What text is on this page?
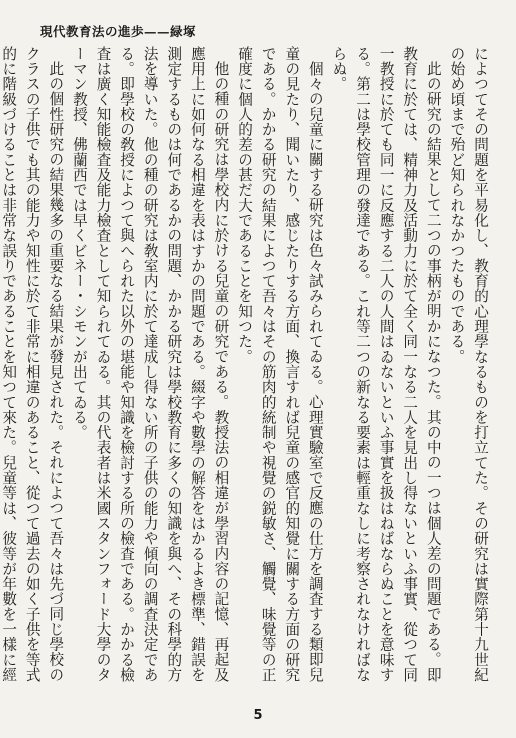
現代教育法の進歩——緑塚

によつてその問題を平易化し、教育的心理學なるものを打立てた。その研究は實際第十九世紀の始め頃まで殆ど知られなかつたものである。

此の研究の結果として二つの事柄が明かになつた。其の中の一つは個人差の問題である。即教育に於ては、精神力及活動力に於て全く同一なる二人を見出し得ないといふ事實、從つて同一教授に於ても同一に反應する二人の人間はゐないといふ事實を扱はねばならぬことを意味する。第二は學校管理の發達である。これ等二つの新なる要素は輕重なしに考察されなければならぬ。

個々の兒童に關する研究は色々試みられてゐる。心理實驗室で反應の仕方を調査する類即兒童の見たり、聞いたり、感じたりする方面、換言すれば兒童の感官的知覺に關する方面の研究である。かかる研究の結果によつて吾々はその筋肉的統制や視覺の鋭敏さ、觸覺、味覺等の正確度に個人的差の甚だ大であることを知つた。

他の種の研究は學校内に於ける兒童の研究である。教授法の相違が學習内容の記憶、再起及應用上に如何なる相違を表はすかの問題である。綴字や數學の解答をはかるよき標準、錯誤を測定するものは何であるかの問題、かかる研究は學校教育に多くの知識を與へ、その科學的方法を導いた。他の種の研究は敎室内に於て達成し得ない所の子供の能力や傾向の調査決定である。即學校の敎授によつて與へられた以外の堪能や知識を檢討する所の檢査である。かかる檢査は廣く知能檢査及能力檢査として知られてゐる。其の代表者は米國スタンフォード大學のターマン教授、佛蘭西では早くビネー・シモンが出てゐる。

此の個性研究の結果幾多の重要なる結果が發見された。それによつて吾々は先づ同じ學校のクラスの子供でも其の能力や知性に於て非常に相違のあること、從つて過去の如く子供を等式的に階級づけることは非常な誤りであることを知つて來た。兒童等は、彼等が年數を一樣に經

5
